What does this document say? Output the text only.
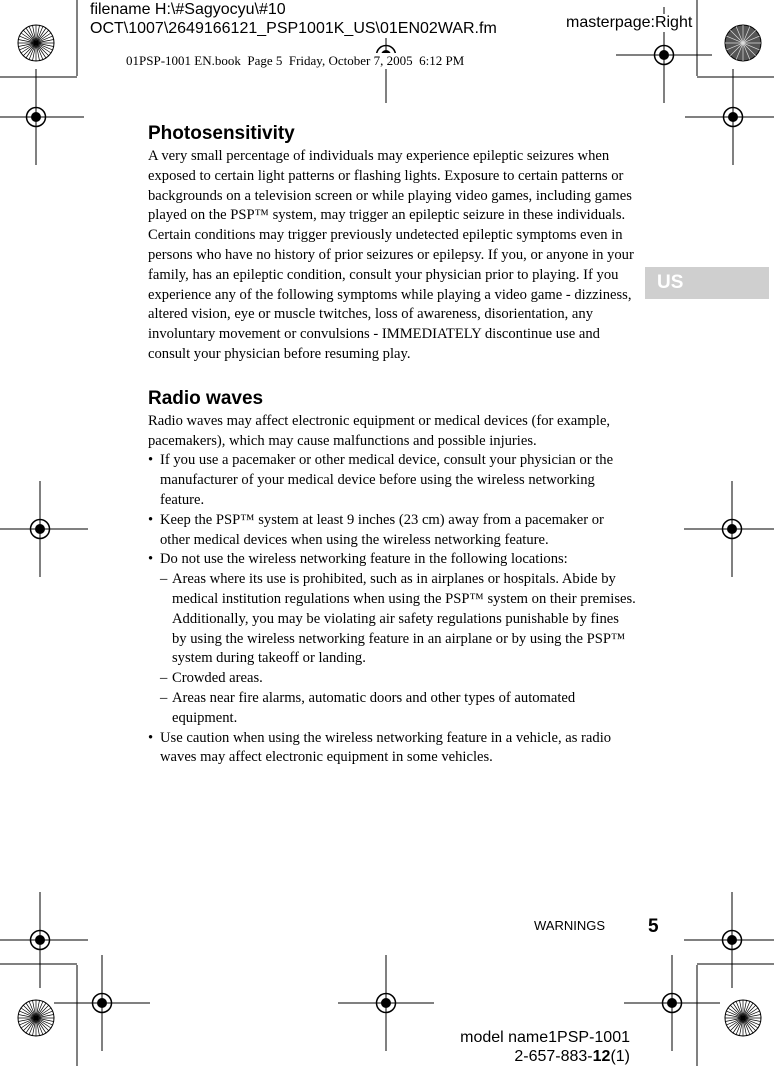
filename H:\#Sagyocyu\#10
OCT\1007\2649166121_PSP1001K_US\01EN02WAR.fm	masterpage:Right
01PSP-1001 EN.book  Page 5  Friday, October 7, 2005  6:12 PM
US
Photosensitivity

A very small percentage of individuals may experience epileptic seizures when exposed to certain light patterns or flashing lights. Exposure to certain patterns or backgrounds on a television screen or while playing video games, including games played on the PSP™ system, may trigger an epileptic seizure in these individuals. Certain conditions may trigger previously undetected epileptic symptoms even in persons who have no history of prior seizures or epilepsy. If you, or anyone in your family, has an epileptic condition, consult your physician prior to playing. If you experience any of the following symptoms while playing a video game - dizziness, altered vision, eye or muscle twitches, loss of awareness, disorientation, any involuntary movement or convulsions - IMMEDIATELY discontinue use and consult your physician before resuming play.

Radio waves

Radio waves may affect electronic equipment or medical devices (for example, pacemakers), which may cause malfunctions and possible injuries.

• If you use a pacemaker or other medical device, consult your physician or the manufacturer of your medical device before using the wireless networking feature.
• Keep the PSP™ system at least 9 inches (23 cm) away from a pacemaker or other medical devices when using the wireless networking feature.
• Do not use the wireless networking feature in the following locations:
– Areas where its use is prohibited, such as in airplanes or hospitals. Abide by medical institution regulations when using the PSP™ system on their premises. Additionally, you may be violating air safety regulations punishable by fines by using the wireless networking feature in an airplane or by using the PSP™ system during takeoff or landing.
– Crowded areas.
– Areas near fire alarms, automatic doors and other types of automated equipment.
• Use caution when using the wireless networking feature in a vehicle, as radio waves may affect electronic equipment in some vehicles.
WARNINGS 5
model name1PSP-1001
2-657-883-12(1)
